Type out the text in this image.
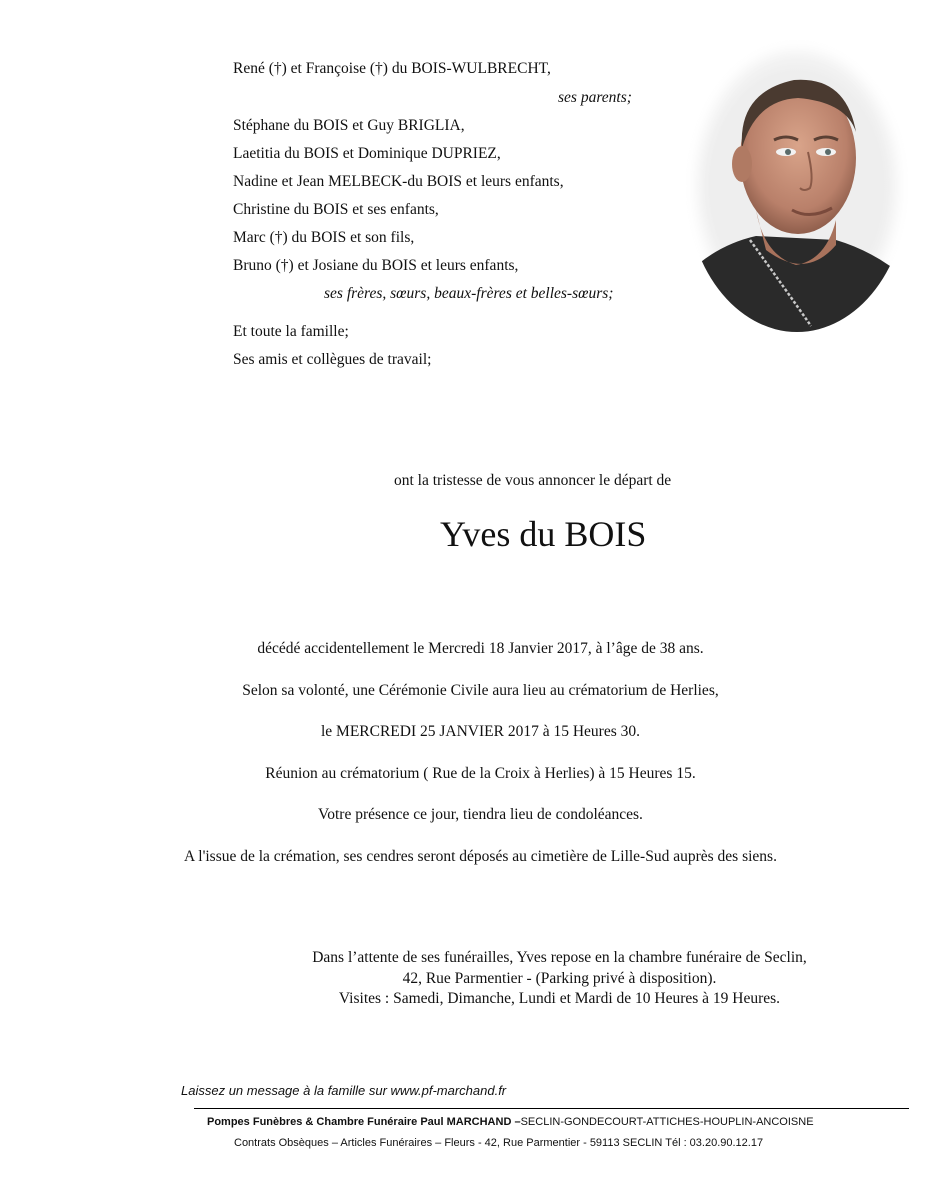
René (†) et Françoise (†) du BOIS-WULBRECHT,
ses parents;
Stéphane du BOIS et Guy BRIGLIA,
Laetitia du BOIS et Dominique DUPRIEZ,
Nadine et Jean MELBECK-du BOIS et leurs enfants,
Christine du BOIS et ses enfants,
Marc (†) du BOIS et son fils,
Bruno (†) et Josiane du BOIS et leurs enfants,
ses frères, sœurs, beaux-frères et belles-sœurs;
Et toute la famille;
Ses amis et collègues de travail;
ont la tristesse de vous annoncer le départ de
Yves du BOIS
décédé accidentellement le Mercredi 18 Janvier 2017, à l’âge de 38 ans.
Selon sa volonté, une Cérémonie Civile aura lieu au crématorium de Herlies,
le MERCREDI 25 JANVIER 2017 à 15 Heures 30.
Réunion au crématorium ( Rue de la Croix à Herlies) à 15 Heures 15.
Votre présence ce jour, tiendra lieu de condoléances.
A l'issue de la crémation, ses cendres seront déposés au cimetière de Lille-Sud auprès des siens.
Dans l’attente de ses funérailles, Yves repose en la chambre funéraire de Seclin,
42, Rue Parmentier - (Parking privé à disposition).
Visites : Samedi, Dimanche, Lundi et Mardi de 10 Heures à 19 Heures.
Laissez un message à la famille sur www.pf-marchand.fr
Pompes Funèbres & Chambre Funéraire Paul MARCHAND –SECLIN-GONDECOURT-ATTICHES-HOUPLIN-ANCOISNE
Contrats Obsèques – Articles Funéraires – Fleurs - 42, Rue Parmentier - 59113 SECLIN Tél : 03.20.90.12.17
